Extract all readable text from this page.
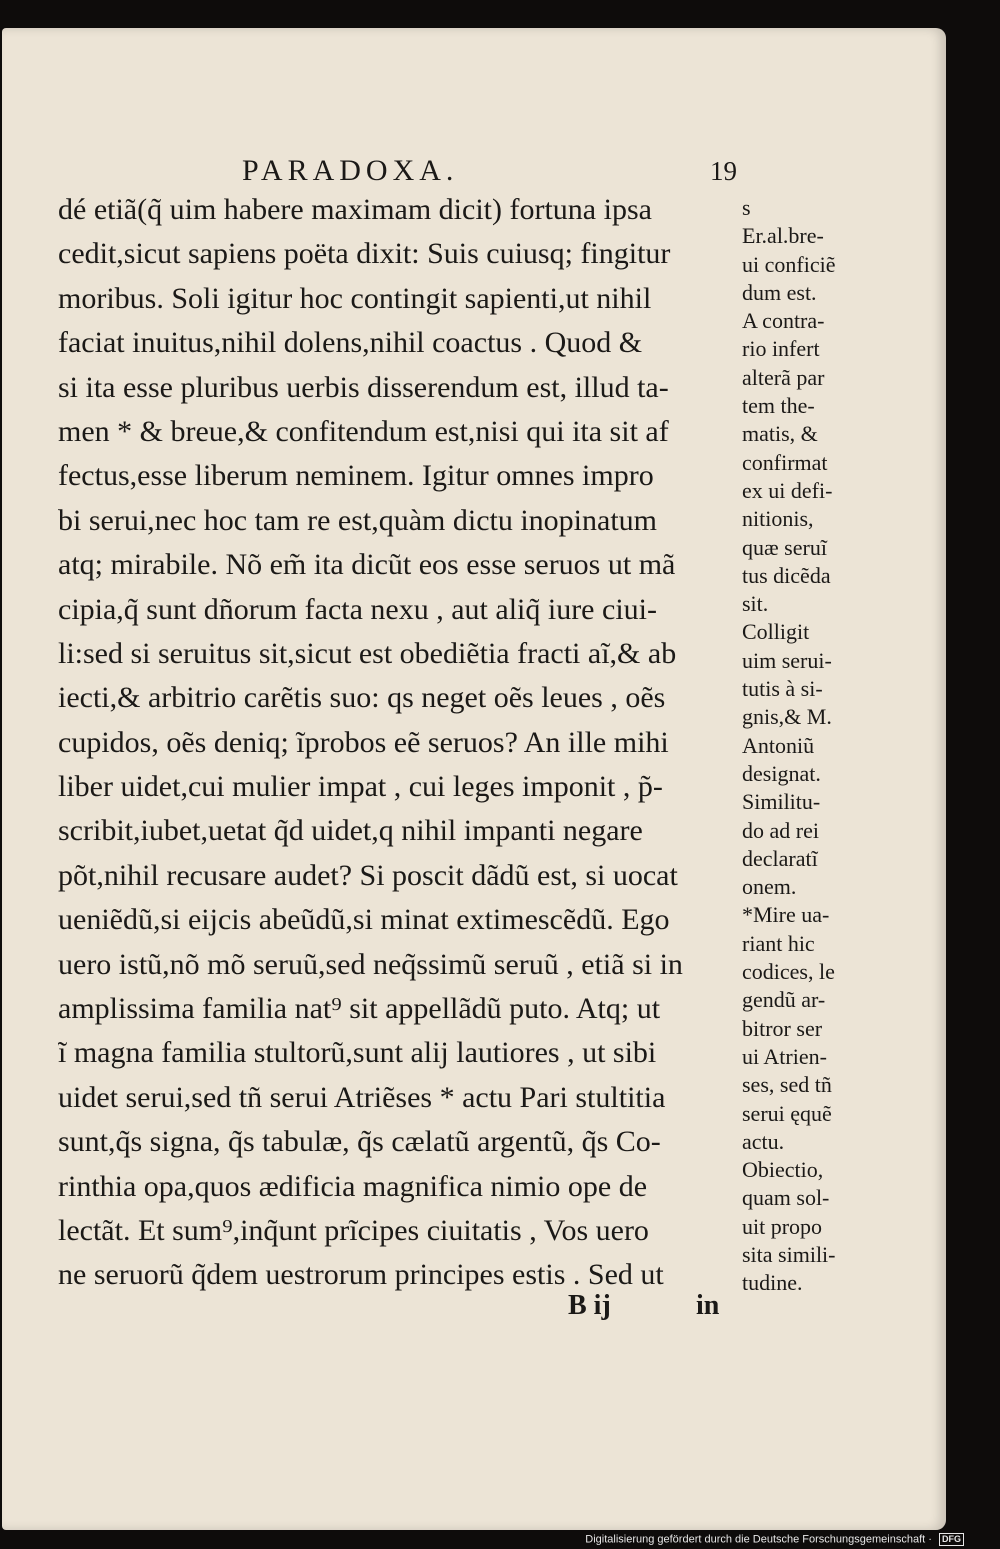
PARADOXA.	19
dé etiã(q̃ uim habere maximam dicit) fortuna ipsa
cedit,sicut sapiens poëta dixit: Suis cuiusq; fingitur
moribus. Soli igitur hoc contingit sapienti,ut nihil
faciat inuitus,nihil dolens,nihil coactus . Quod &
si ita esse pluribus uerbis disserendum est, illud ta-
men * & breue,& confitendum est,nisi qui ita sit af
fectus,esse liberum neminem. Igitur omnes impro
bi serui,nec hoc tam re est,quàm dictu inopinatum
atq; mirabile. Nõ em̃ ita dicũt eos esse seruos ut mã
cipia,q̃ sunt dñorum facta nexu , aut aliq̃ iure ciui-
li:sed si seruitus sit,sicut est obediẽtia fracti aĩ,& ab
iecti,& arbitrio carẽtis suo: qs neget oẽs leues , oẽs
cupidos, oẽs deniq; ĩprobos eẽ seruos? An ille mihi
liber uidet,cui mulier impat , cui leges imponit , p̃-
scribit,iubet,uetat q̃d uidet,q nihil impanti negare
põt,nihil recusare audet? Si poscit dãdũ est, si uocat
ueniẽdũ,si eijcis abeũdũ,si minat extimescẽdũ. Ego
uero istũ,nõ mõ seruũ,sed neq̃ssimũ seruũ , etiã si in
amplissima familia nat⁹ sit appellãdũ puto. Atq; ut
ĩ magna familia stultorũ,sunt alij lautiores , ut sibi
uidet serui,sed tñ serui Atriẽses * actu Pari stultitia
sunt,q̃s signa, q̃s tabulæ, q̃s cælatũ argentũ, q̃s Co-
rinthia opa,quos ædificia magnifica nimio ope de
lectãt. Et sum⁹,inq̃unt prĩcipes ciuitatis , Vos uero
ne seruorũ q̃dem uestrorum principes estis . Sed ut
s
Er.al.bre-
ui conficiẽ
dum est.
A contra-
rio infert
alterã par
tem the-
matis, &
confirmat
ex ui defi-
nitionis,
quæ seruĩ
tus dicẽda
sit.
Colligit
uim serui-
tutis à si-
gnis,& M.
Antoniũ
designat.
Similitu-
do ad rei
declaratĩ
onem.
*Mire ua-
riant hic
codices, le
gendũ ar-
bitror ser
ui Atrien-
ses, sed tñ
serui ęquẽ
actu.
Obiectio,
quam sol-
uit propo
sita simili-
tudine.
B ij	in
Digitalisierung gefördert durch die Deutsche Forschungsgemeinschaft · DFG
